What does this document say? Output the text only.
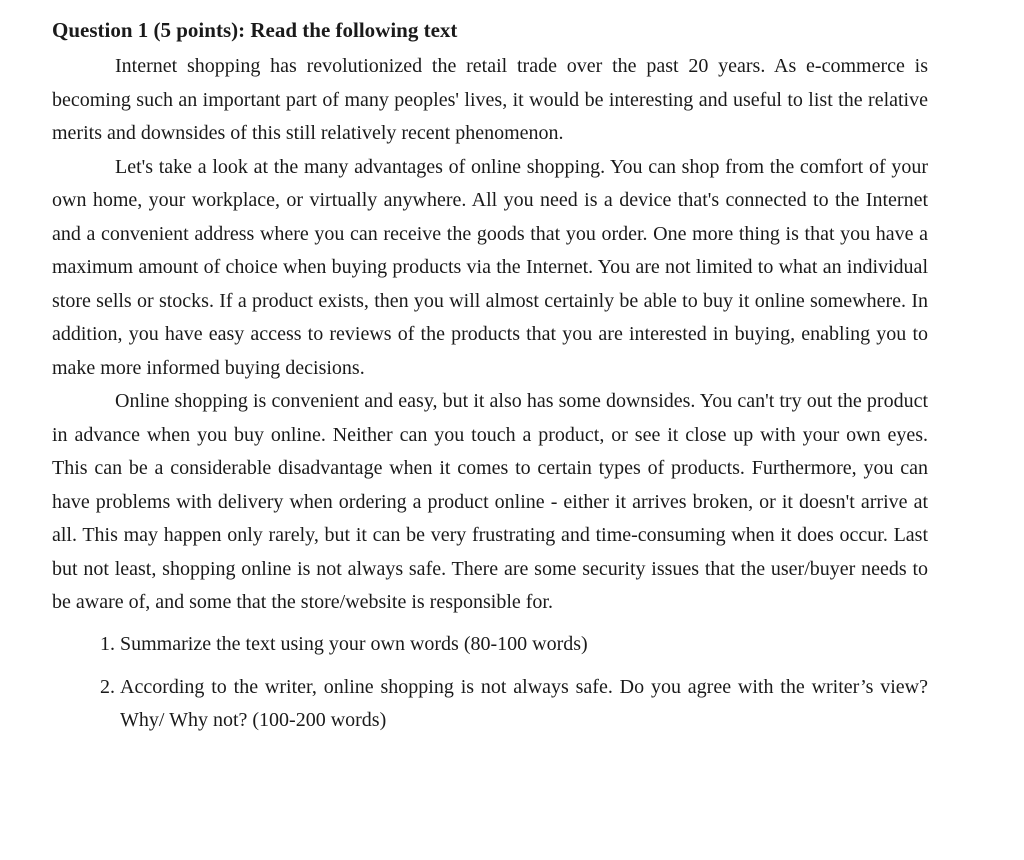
Question 1 (5 points): Read the following text

Internet shopping has revolutionized the retail trade over the past 20 years. As e-commerce is becoming such an important part of many peoples' lives, it would be interesting and useful to list the relative merits and downsides of this still relatively recent phenomenon.

Let's take a look at the many advantages of online shopping. You can shop from the comfort of your own home, your workplace, or virtually anywhere. All you need is a device that's connected to the Internet and a convenient address where you can receive the goods that you order. One more thing is that you have a maximum amount of choice when buying products via the Internet. You are not limited to what an individual store sells or stocks. If a product exists, then you will almost certainly be able to buy it online somewhere. In addition, you have easy access to reviews of the products that you are interested in buying, enabling you to make more informed buying decisions.

Online shopping is convenient and easy, but it also has some downsides. You can't try out the product in advance when you buy online. Neither can you touch a product, or see it close up with your own eyes. This can be a considerable disadvantage when it comes to certain types of products. Furthermore, you can have problems with delivery when ordering a product online - either it arrives broken, or it doesn't arrive at all. This may happen only rarely, but it can be very frustrating and time-consuming when it does occur. Last but not least, shopping online is not always safe. There are some security issues that the user/buyer needs to be aware of, and some that the store/website is responsible for.

1. Summarize the text using your own words (80-100 words)
2. According to the writer, online shopping is not always safe. Do you agree with the writer’s view? Why/ Why not? (100-200 words)
